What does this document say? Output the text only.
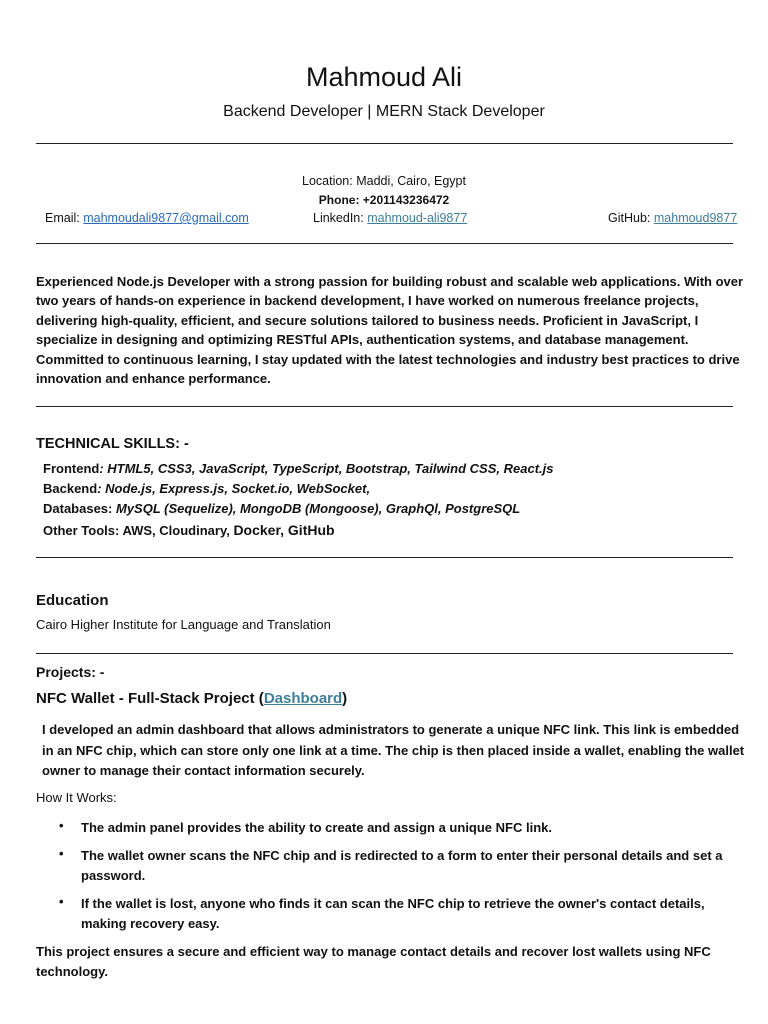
Mahmoud Ali
Backend Developer | MERN Stack Developer
Location: Maddi, Cairo, Egypt
Phone: +201143236472
Email: mahmoudali9877@gmail.com	LinkedIn: mahmoud-ali9877	GitHub: mahmoud9877
Experienced Node.js Developer with a strong passion for building robust and scalable web applications. With over two years of hands-on experience in backend development, I have worked on numerous freelance projects, delivering high-quality, efficient, and secure solutions tailored to business needs. Proficient in JavaScript, I specialize in designing and optimizing RESTful APIs, authentication systems, and database management. Committed to continuous learning, I stay updated with the latest technologies and industry best practices to drive innovation and enhance performance.
TECHNICAL SKILLS: -
Frontend: HTML5, CSS3, JavaScript, TypeScript, Bootstrap, Tailwind CSS, React.js
Backend: Node.js, Express.js, Socket.io, WebSocket,
Databases: MySQL (Sequelize), MongoDB (Mongoose), GraphQl, PostgreSQL
Other Tools: AWS, Cloudinary, Docker, GitHub
Education
Cairo Higher Institute for Language and Translation
Projects: -
NFC Wallet - Full-Stack Project (Dashboard)
I developed an admin dashboard that allows administrators to generate a unique NFC link. This link is embedded in an NFC chip, which can store only one link at a time. The chip is then placed inside a wallet, enabling the wallet owner to manage their contact information securely.
How It Works:
• The admin panel provides the ability to create and assign a unique NFC link.
• The wallet owner scans the NFC chip and is redirected to a form to enter their personal details and set a password.
• If the wallet is lost, anyone who finds it can scan the NFC chip to retrieve the owner's contact details, making recovery easy.
This project ensures a secure and efficient way to manage contact details and recover lost wallets using NFC technology.
